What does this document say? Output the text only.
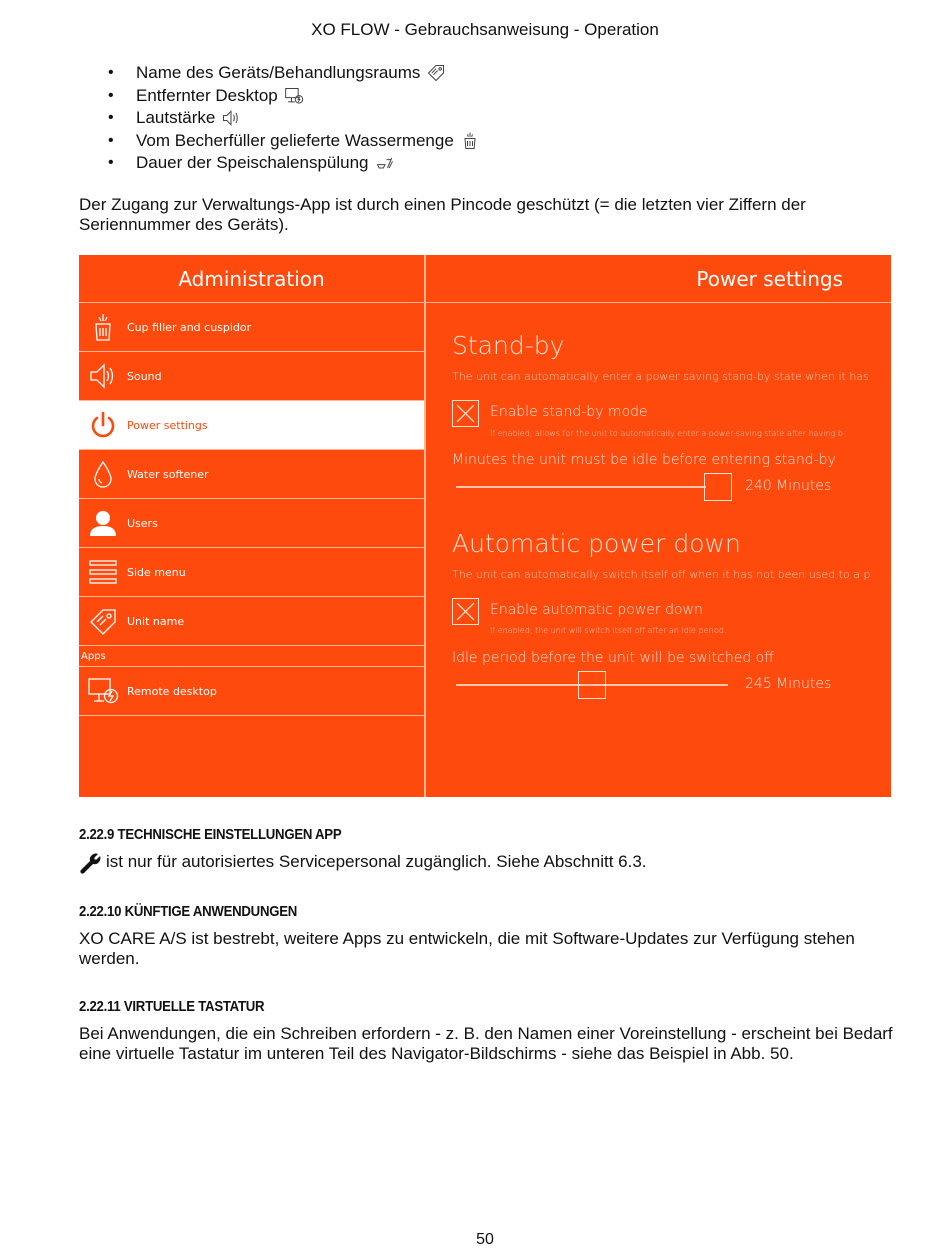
XO FLOW - Gebrauchsanweisung - Operation
•	Name des Geräts/Behandlungsraums
•	Entfernter Desktop
•	Lautstärke
•	Vom Becherfüller gelieferte Wassermenge
•	Dauer der Speischalenspülung

Der Zugang zur Verwaltungs-App ist durch einen Pincode geschützt (= die letzten vier Ziffern der Seriennummer des Geräts).

Administration	Power settings
Cup filler and cuspidor
Sound
Power settings
Water softener
Users
Side menu
Unit name
Apps
Remote desktop
Stand-by
The unit can automatically enter a power saving stand-by state when it has
Enable stand-by mode
If enabled, allows for the unit to automatically enter a power-saving state after having b
Minutes the unit must be idle before entering stand-by
240 Minutes
Automatic power down
The unit can automatically switch itself off when it has not been used to a p
Enable automatic power down
If enabled, the unit will switch itself off after an idle period.
Idle period before the unit will be switched off
245 Minutes
2.22.9 TECHNISCHE EINSTELLUNGEN APP

ist nur für autorisiertes Servicepersonal zugänglich. Siehe Abschnitt 6.3.

2.22.10 KÜNFTIGE ANWENDUNGEN

XO CARE A/S ist bestrebt, weitere Apps zu entwickeln, die mit Software-Updates zur Verfügung stehen werden.

2.22.11 VIRTUELLE TASTATUR

Bei Anwendungen, die ein Schreiben erfordern - z. B. den Namen einer Voreinstellung - erscheint bei Bedarf eine virtuelle Tastatur im unteren Teil des Navigator-Bildschirms - siehe das Beispiel in Abb. 50.

50
